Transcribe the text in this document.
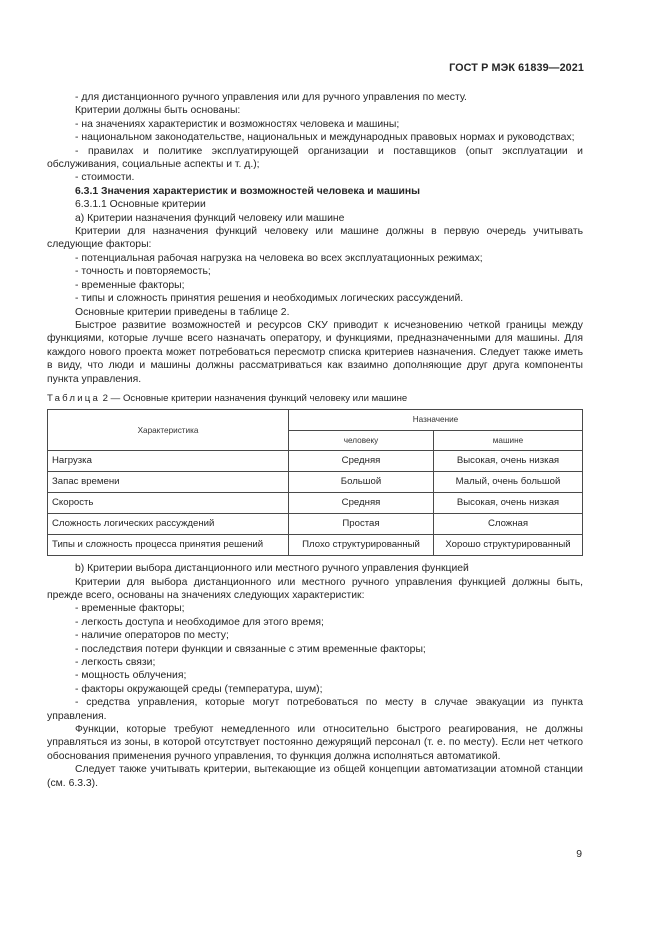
ГОСТ Р МЭК 61839—2021

- для дистанционного ручного управления или для ручного управления по месту.

Критерии должны быть основаны:

- на значениях характеристик и возможностях человека и машины;

- национальном законодательстве, национальных и международных правовых нормах и руководствах;

- правилах и политике эксплуатирующей организации и поставщиков (опыт эксплуатации и обслуживания, социальные аспекты и т. д.);

- стоимости.

6.3.1 Значения характеристик и возможностей человека и машины

6.3.1.1 Основные критерии

а) Критерии назначения функций человеку или машине

Критерии для назначения функций человеку или машине должны в первую очередь учитывать следующие факторы:

- потенциальная рабочая нагрузка на человека во всех эксплуатационных режимах;

- точность и повторяемость;

- временные факторы;

- типы и сложность принятия решения и необходимых логических рассуждений.

Основные критерии приведены в таблице 2.

Быстрое развитие возможностей и ресурсов СКУ приводит к исчезновению четкой границы между функциями, которые лучше всего назначать оператору, и функциями, предназначенными для машины. Для каждого нового проекта может потребоваться пересмотр списка критериев назначения. Следует также иметь в виду, что люди и машины должны рассматриваться как взаимно дополняющие друг друга компоненты пункта управления.

Таблица 2 — Основные критерии назначения функций человеку или машине
Характеристика	Назначение	
	человеку	машине
Нагрузка	Средняя	Высокая, очень низкая
Запас времени	Большой	Малый, очень большой
Скорость	Средняя	Высокая, очень низкая
Сложность логических рассуждений	Простая	Сложная
Типы и сложность процесса принятия решений	Плохо структурированный	Хорошо структурированный

b) Критерии выбора дистанционного или местного ручного управления функцией

Критерии для выбора дистанционного или местного ручного управления функцией должны быть, прежде всего, основаны на значениях следующих характеристик:

- временные факторы;

- легкость доступа и необходимое для этого время;

- наличие операторов по месту;

- последствия потери функции и связанные с этим временные факторы;

- легкость связи;

- мощность облучения;

- факторы окружающей среды (температура, шум);

- средства управления, которые могут потребоваться по месту в случае эвакуации из пункта управления.

Функции, которые требуют немедленного или относительно быстрого реагирования, не должны управляться из зоны, в которой отсутствует постоянно дежурящий персонал (т. е. по месту). Если нет четкого обоснования применения ручного управления, то функция должна исполняться автоматикой.

Следует также учитывать критерии, вытекающие из общей концепции автоматизации атомной станции (см. 6.3.3).

9
